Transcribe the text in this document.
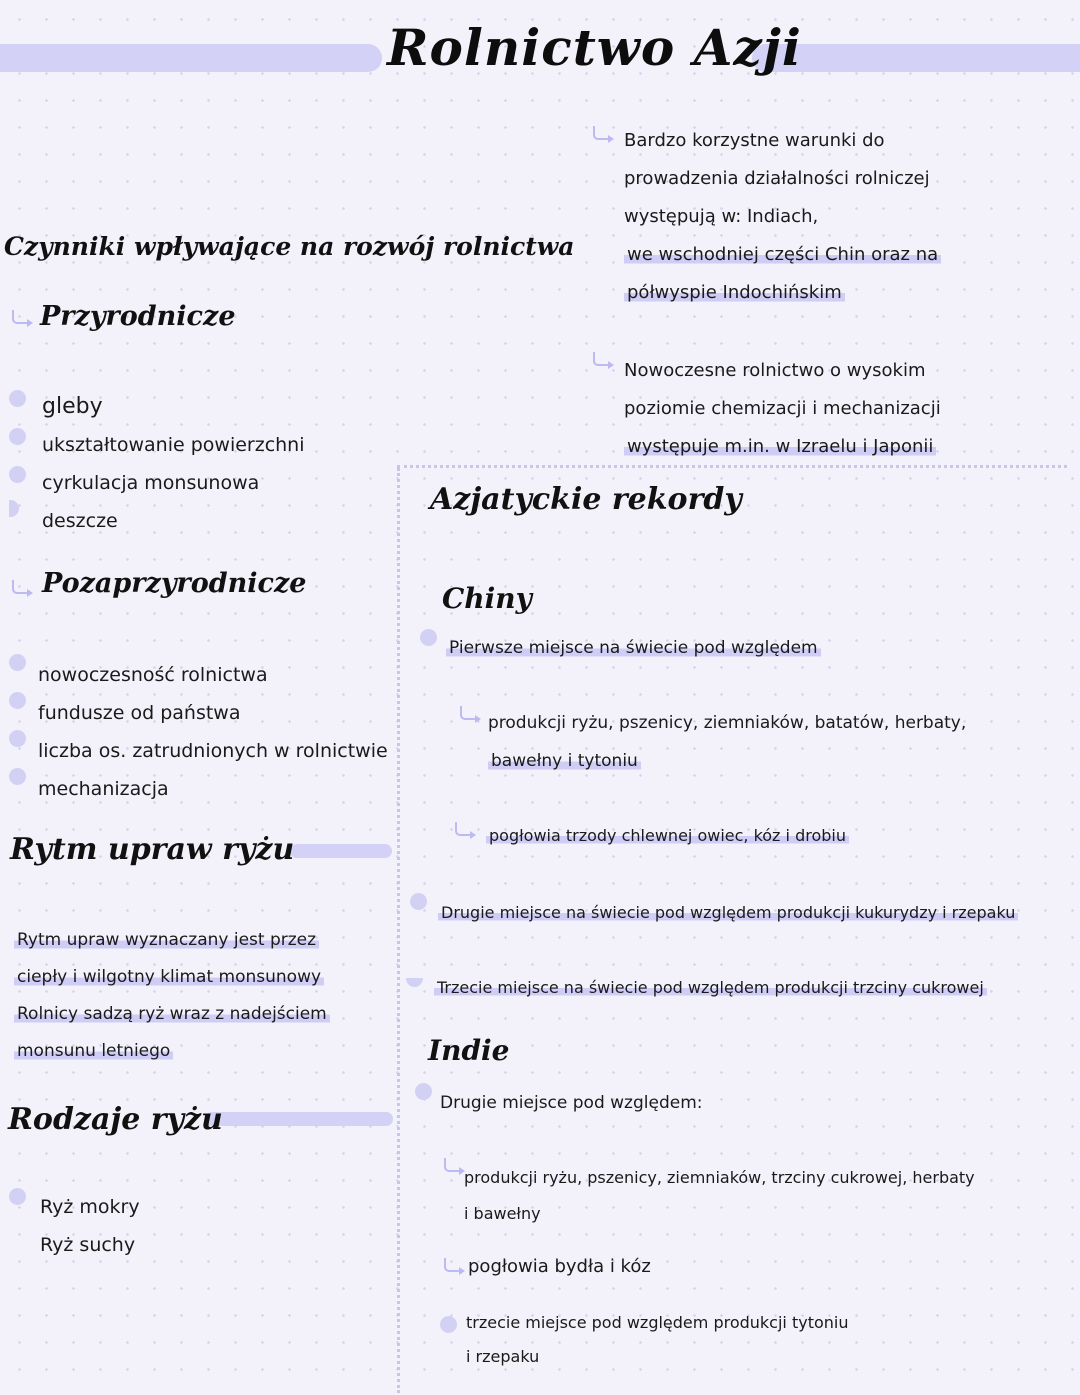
Rolnictwo Azji
Czynniki wpływające na rozwój rolnictwa
Przyrodnicze
gleby
ukształtowanie powierzchni
cyrkulacja monsunowa
deszcze
Pozaprzyrodnicze
nowoczesność rolnictwa
fundusze od państwa
liczba os. zatrudnionych w rolnictwie
mechanizacja
Rytm upraw ryżu
Rytm upraw wyznaczany jest przez
ciepły i wilgotny klimat monsunowy
Rolnicy sadzą ryż wraz z nadejściem
monsunu letniego
Rodzaje ryżu
Ryż mokry
Ryż suchy
Bardzo korzystne warunki do
prowadzenia działalności rolniczej
występują w: Indiach,
we wschodniej części Chin oraz na
półwyspie Indochińskim
Nowoczesne rolnictwo o wysokim
poziomie chemizacji i mechanizacji
występuje m.in. w Izraelu i Japonii
Azjatyckie rekordy
Chiny
Pierwsze miejsce na świecie pod względem
produkcji ryżu, pszenicy, ziemniaków, batatów, herbaty,
bawełny i tytoniu
pogłowia trzody chlewnej owiec, kóz i drobiu
Drugie miejsce na świecie pod względem produkcji kukurydzy i rzepaku
Trzecie miejsce na świecie pod względem produkcji trzciny cukrowej
Indie
Drugie miejsce pod względem:
produkcji ryżu, pszenicy, ziemniaków, trzciny cukrowej, herbaty
i bawełny
pogłowia bydła i kóz
trzecie miejsce pod względem produkcji tytoniu
i rzepaku
